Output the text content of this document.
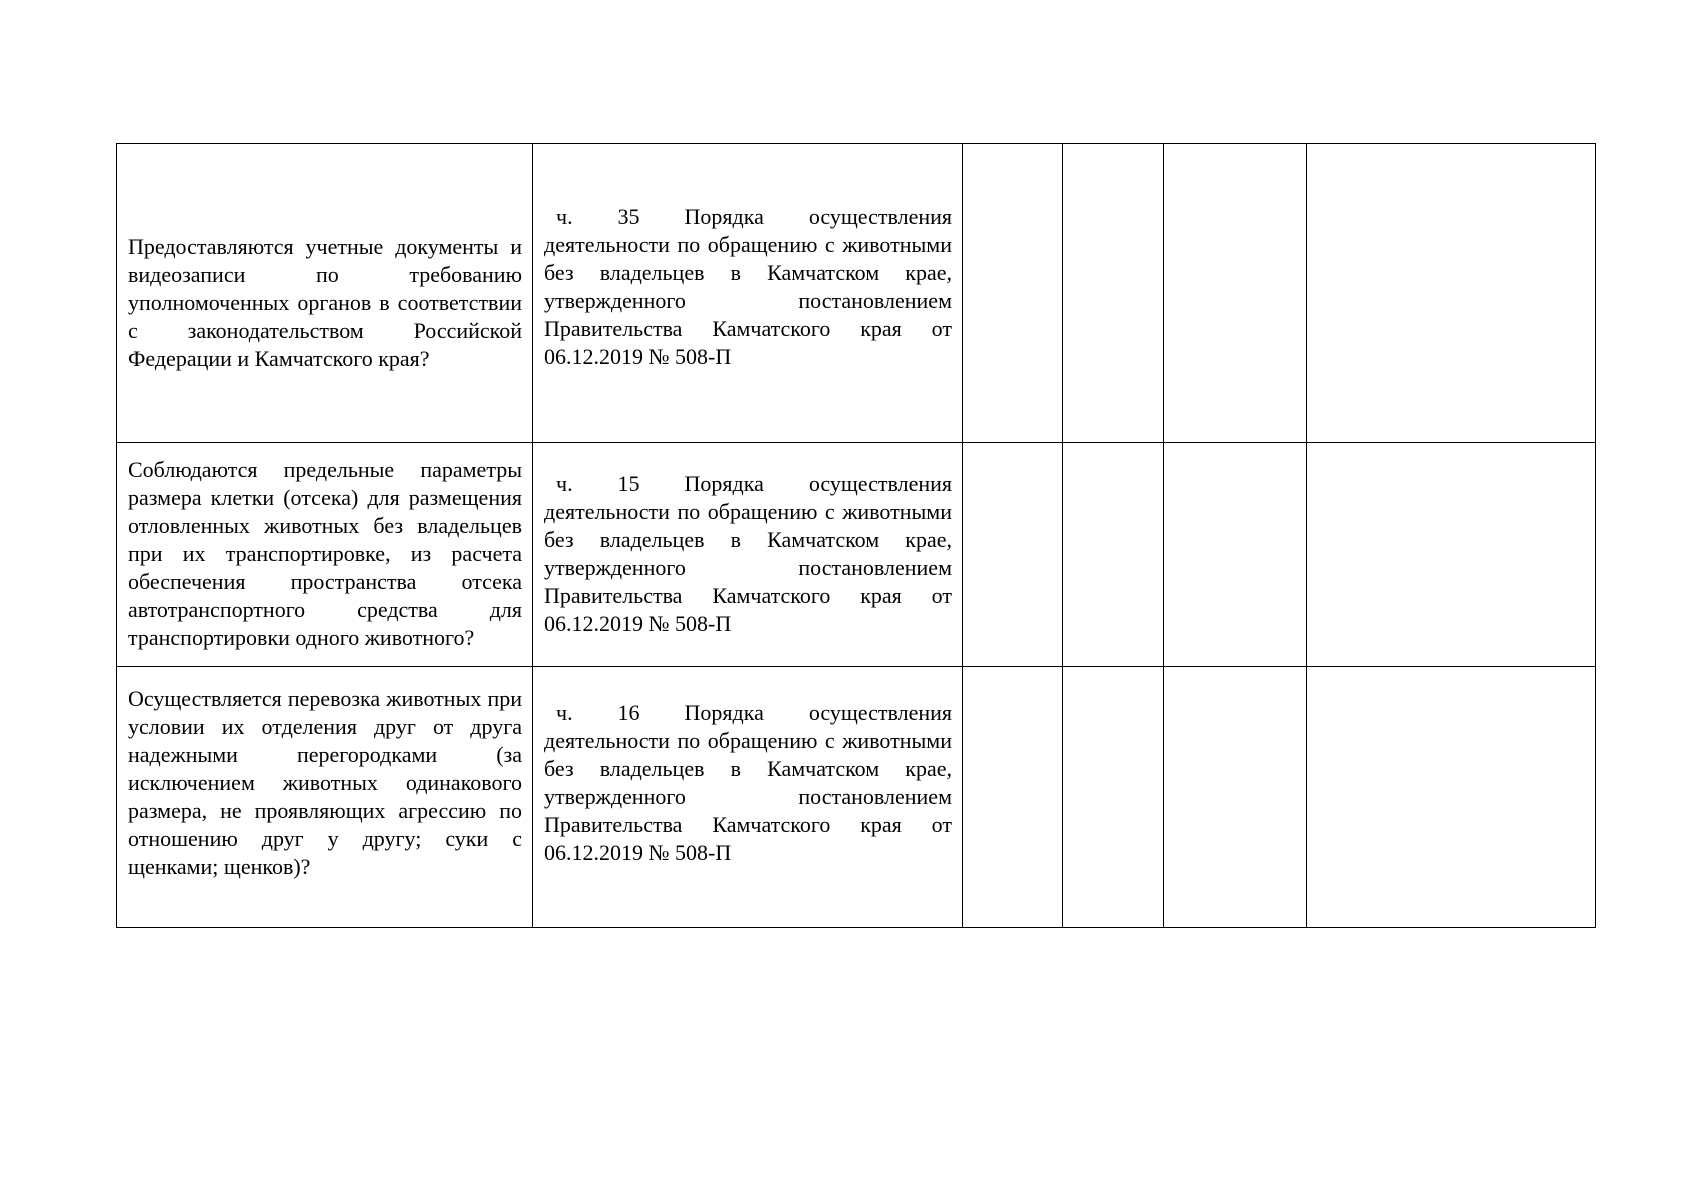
Предоставляются учетные документы и видеозаписи по требованию уполномоченных органов в соответствии с законодательством Российской Федерации и Камчатского края?	ч. 35 Порядка осуществления
деятельности по обращению с животными без владельцев в Камчатском крае, утвержденного постановлением Правительства Камчатского края от 06.12.2019 № 508-П				

Соблюдаются предельные параметры размера клетки (отсека) для размещения отловленных животных без владельцев при их транспортировке, из расчета обеспечения пространства отсека автотранспортного средства для транспортировки одного животного?	ч. 15 Порядка осуществления
деятельности по обращению с животными без владельцев в Камчатском крае, утвержденного постановлением Правительства Камчатского края от 06.12.2019 № 508-П				

Осуществляется перевозка животных при условии их отделения друг от друга надежными перегородками (за исключением животных одинакового размера, не проявляющих агрессию по отношению друг у другу; суки с щенками; щенков)?	ч. 16 Порядка осуществления
деятельности по обращению с животными без владельцев в Камчатском крае, утвержденного постановлением Правительства Камчатского края от 06.12.2019 № 508-П				
